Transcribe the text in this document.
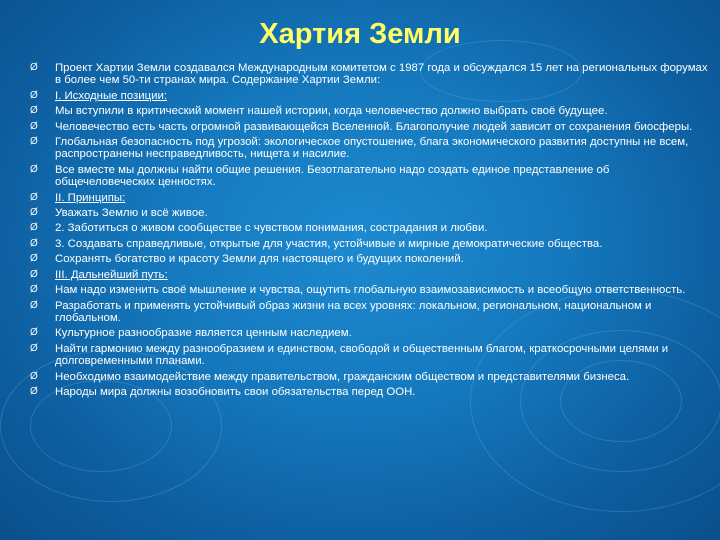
Хартия Земли
Ø Проект Хартии Земли создавался Международным комитетом с 1987 года и обсуждался 15 лет на региональных форумах в более чем 50-ти странах мира. Содержание Хартии Земли:
Ø I. Исходные позиции:
Ø Мы вступили в критический момент нашей истории, когда человечество должно выбрать своё будущее.
Ø Человечество есть часть огромной развивающейся Вселенной. Благополучие людей зависит от сохранения биосферы.
Ø Глобальная безопасность под угрозой: экологическое опустошение, блага экономического развития доступны не всем, распространены несправедливость, нищета и насилие.
Ø Все вместе мы должны найти общие решения. Безотлагательно надо создать единое представление об общечеловеческих ценностях.
Ø II. Принципы:
Ø Уважать Землю и всё живое.
Ø 2. Заботиться о живом сообществе с чувством понимания, сострадания и любви.
Ø 3. Создавать справедливые, открытые для участия, устойчивые и мирные демократические общества.
Ø Сохранять богатство и красоту Земли для настоящего и будущих поколений.
Ø III. Дальнейший путь:
Ø Нам надо изменить своё мышление и чувства, ощутить глобальную взаимозависимость и всеобщую ответственность.
Ø Разработать и применять устойчивый образ жизни на всех уровнях: локальном, региональном, национальном и глобальном.
Ø Культурное разнообразие является ценным наследием.
Ø Найти гармонию между разнообразием и единством, свободой и общественным благом, краткосрочными целями и долговременными планами.
Ø Необходимо взаимодействие между правительством, гражданским обществом и представителями бизнеса.
Ø Народы мира должны возобновить свои обязательства перед ООН.
